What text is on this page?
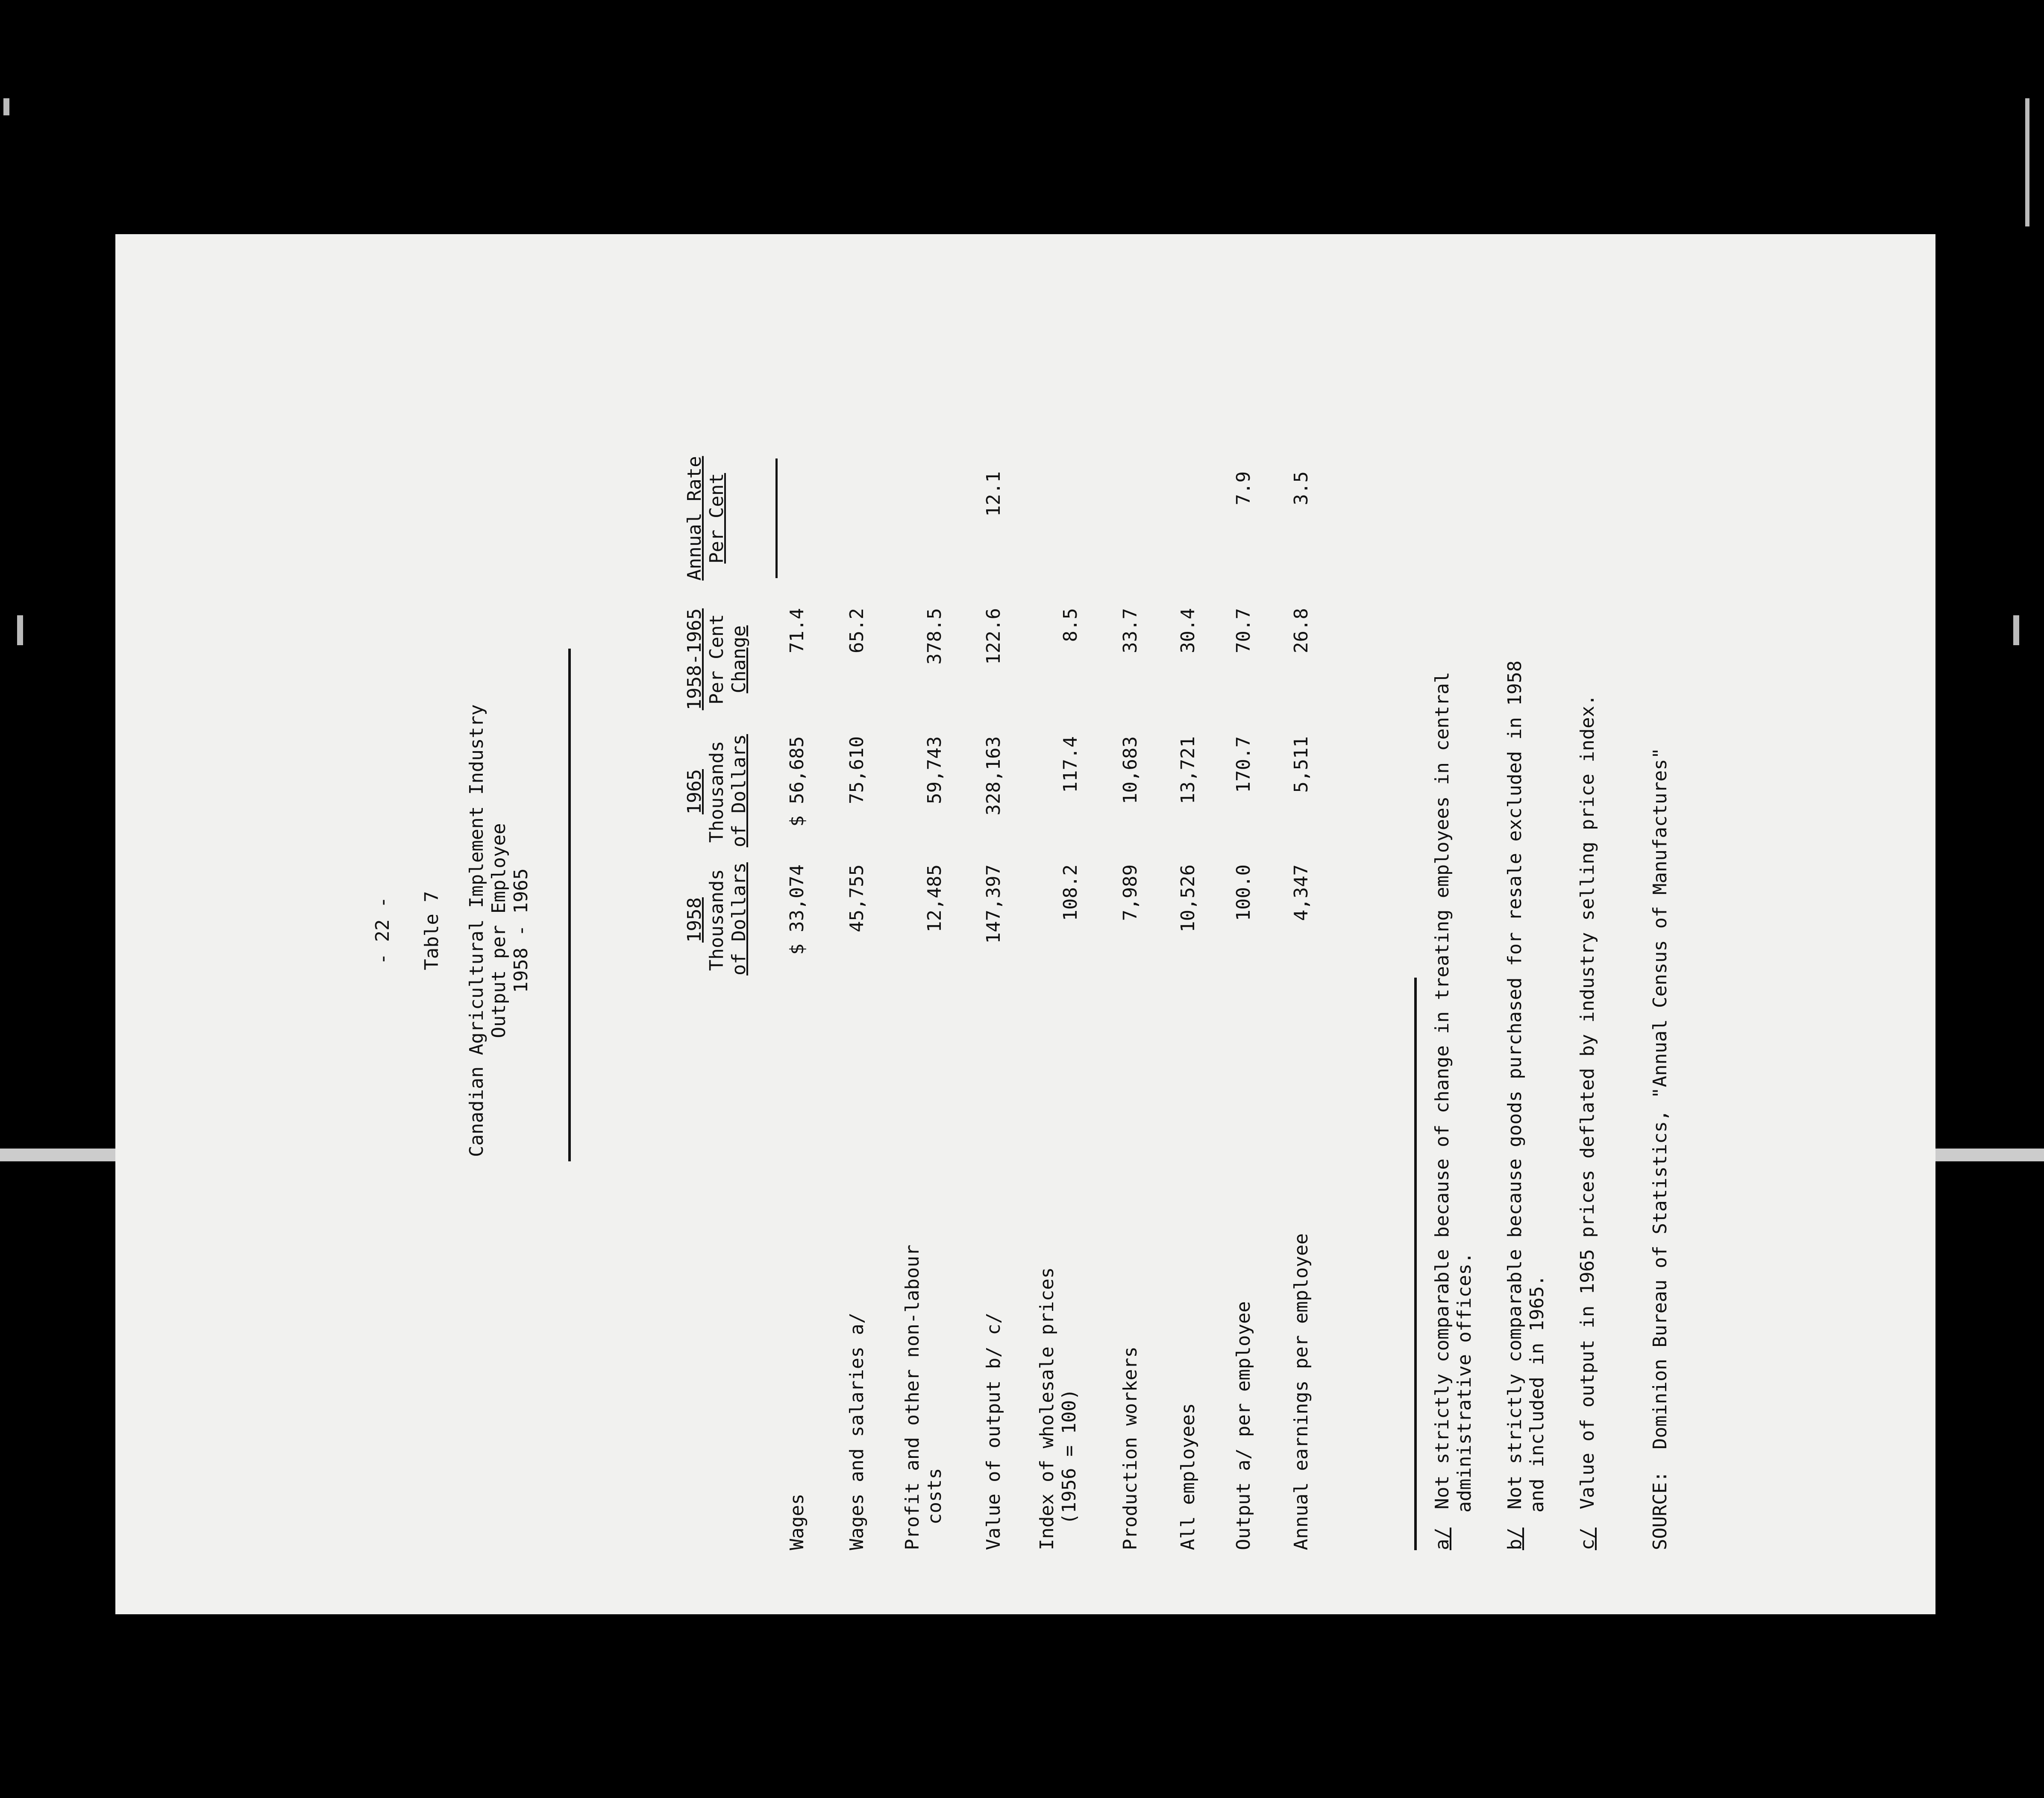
- 22 - Table 7 Canadian Agricultural Implement Industry Output per Employee 1958 - 1965	1958 Thousands of Dollars
1965 Thousands of Dollars
1958-1965 Per Cent Change
Annual Rate Per Cent
Wages
$ 33,074
$ 56,685
71.4
Wages and salaries a/
45,755
75,610
65.2
Profit and other non-labour costs
12,485
59,743
378.5
Value of output b/ c/
147,397
328,163
122.6
12.1
Index of wholesale prices (1956 = 100)
108.2
117.4
8.5
Production workers
7,989
10,683
33.7
All employees
10,526
13,721
30.4
Output a/ per employee
100.0
170.7
70.7
7.9
Annual earnings per employee
4,347
5,511
26.8
3.5
a/ Not strictly comparable because of change in treating employees in central administrative offices.
b/ Not strictly comparable because goods purchased for resale excluded in 1958 and included in 1965.
c/ Value of output in 1965 prices deflated by industry selling price index.
SOURCE: Dominion Bureau of Statistics, "Annual Census of Manufactures"
